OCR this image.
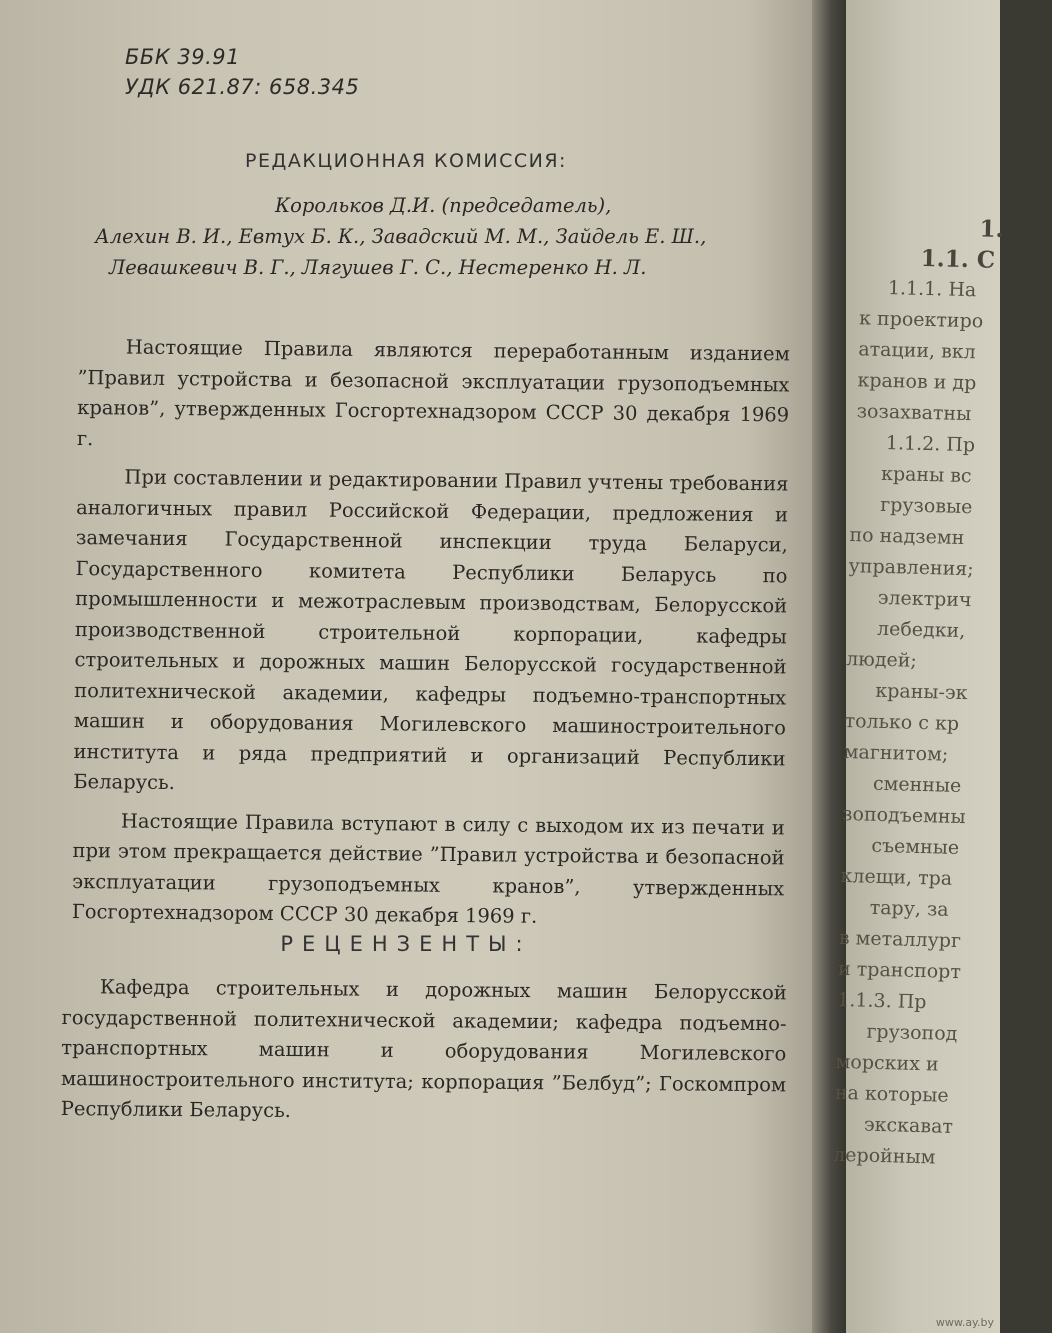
ББК 39.91
УДК 621.87: 658.345
РЕДАКЦИОННАЯ КОМИССИЯ:
Корольков Д.И. (председатель),
Алехин В. И., Евтух Б. К., Завадский М. М., Зайдель Е. Ш.,
Левашкевич В. Г., Лягушев Г. С., Нестеренко Н. Л.

Настоящие Правила являются переработанным изданием ”Правил устройства и безопасной эксплуатации грузоподъемных кранов”, утвержденных Госгортехнадзором СССР 30 декабря 1969 г.

При составлении и редактировании Правил учтены требования аналогичных правил Российской Федерации, предложения и замечания Государственной инспекции труда Беларуси, Государственного комитета Республики Беларусь по промышленности и межотраслевым производствам, Белорусской производственной строительной корпорации, кафедры строительных и дорожных машин Белорусской государственной политехнической академии, кафедры подъемно-транспортных машин и оборудования Могилевского машиностроительного института и ряда предприятий и организаций Республики Беларусь.

Настоящие Правила вступают в силу с выходом их из печати и при этом прекращается действие ”Правил устройства и безопасной эксплуатации грузоподъемных кранов”, утвержденных Госгортехнадзором СССР 30 декабря 1969 г.

РЕЦЕНЗЕНТЫ:

Кафедра строительных и дорожных машин Белорусской государственной политехнической академии; кафедра подъемно-транспортных машин и оборудования Могилевского машиностроительного института; корпорация ”Белбуд”; Госкомпром Республики Беларусь.

1.
1.1. С
1.1.1. На
к проектиро
атации, вкл
кранов и др
зозахватны
1.1.2. Пр
краны вс
грузовые
по надземн
управления;
электрич
лебедки,
людей;
краны-эк
только с кр
магнитом;
сменные
зоподъемны
съемные
клещи, тра
тару, за
в металлург
и транспорт
1.1.3. Пр
грузопод
морских и
на которые
экскават
леройным
www.ay.by
